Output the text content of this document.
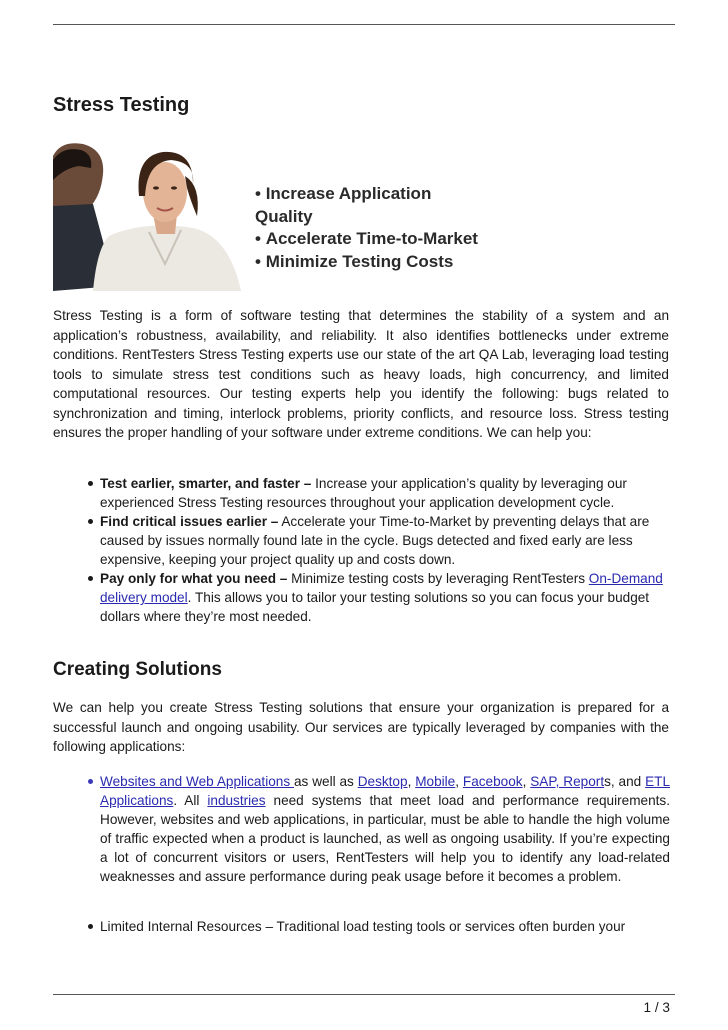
Stress Testing
• Increase Application Quality
• Accelerate Time-to-Market
• Minimize Testing Costs

Stress Testing is a form of software testing that determines the stability of a system and an application’s robustness, availability, and reliability. It also identifies bottlenecks under extreme conditions. RentTesters Stress Testing experts use our state of the art QA Lab, leveraging load testing tools to simulate stress test conditions such as heavy loads, high concurrency, and limited computational resources. Our testing experts help you identify the following: bugs related to synchronization and timing, interlock problems, priority conflicts, and resource loss. Stress testing ensures the proper handling of your software under extreme conditions. We can help you:

Test earlier, smarter, and faster – Increase your application’s quality by leveraging our experienced Stress Testing resources throughout your application development cycle.
Find critical issues earlier – Accelerate your Time-to-Market by preventing delays that are caused by issues normally found late in the cycle. Bugs detected and fixed early are less expensive, keeping your project quality up and costs down.
Pay only for what you need – Minimize testing costs by leveraging RentTesters On-Demand delivery model. This allows you to tailor your testing solutions so you can focus your budget dollars where they’re most needed.
Creating Solutions

We can help you create Stress Testing solutions that ensure your organization is prepared for a successful launch and ongoing usability. Our services are typically leveraged by companies with the following applications:

Websites and Web Applications as well as Desktop, Mobile, Facebook, SAP, Reports, and ETL Applications. All industries need systems that meet load and performance requirements. However, websites and web applications, in particular, must be able to handle the high volume of traffic expected when a product is launched, as well as ongoing usability. If you’re expecting a lot of concurrent visitors or users, RentTesters will help you to identify any load-related weaknesses and assure performance during peak usage before it becomes a problem.
Limited Internal Resources – Traditional load testing tools or services often burden your
1 / 3
